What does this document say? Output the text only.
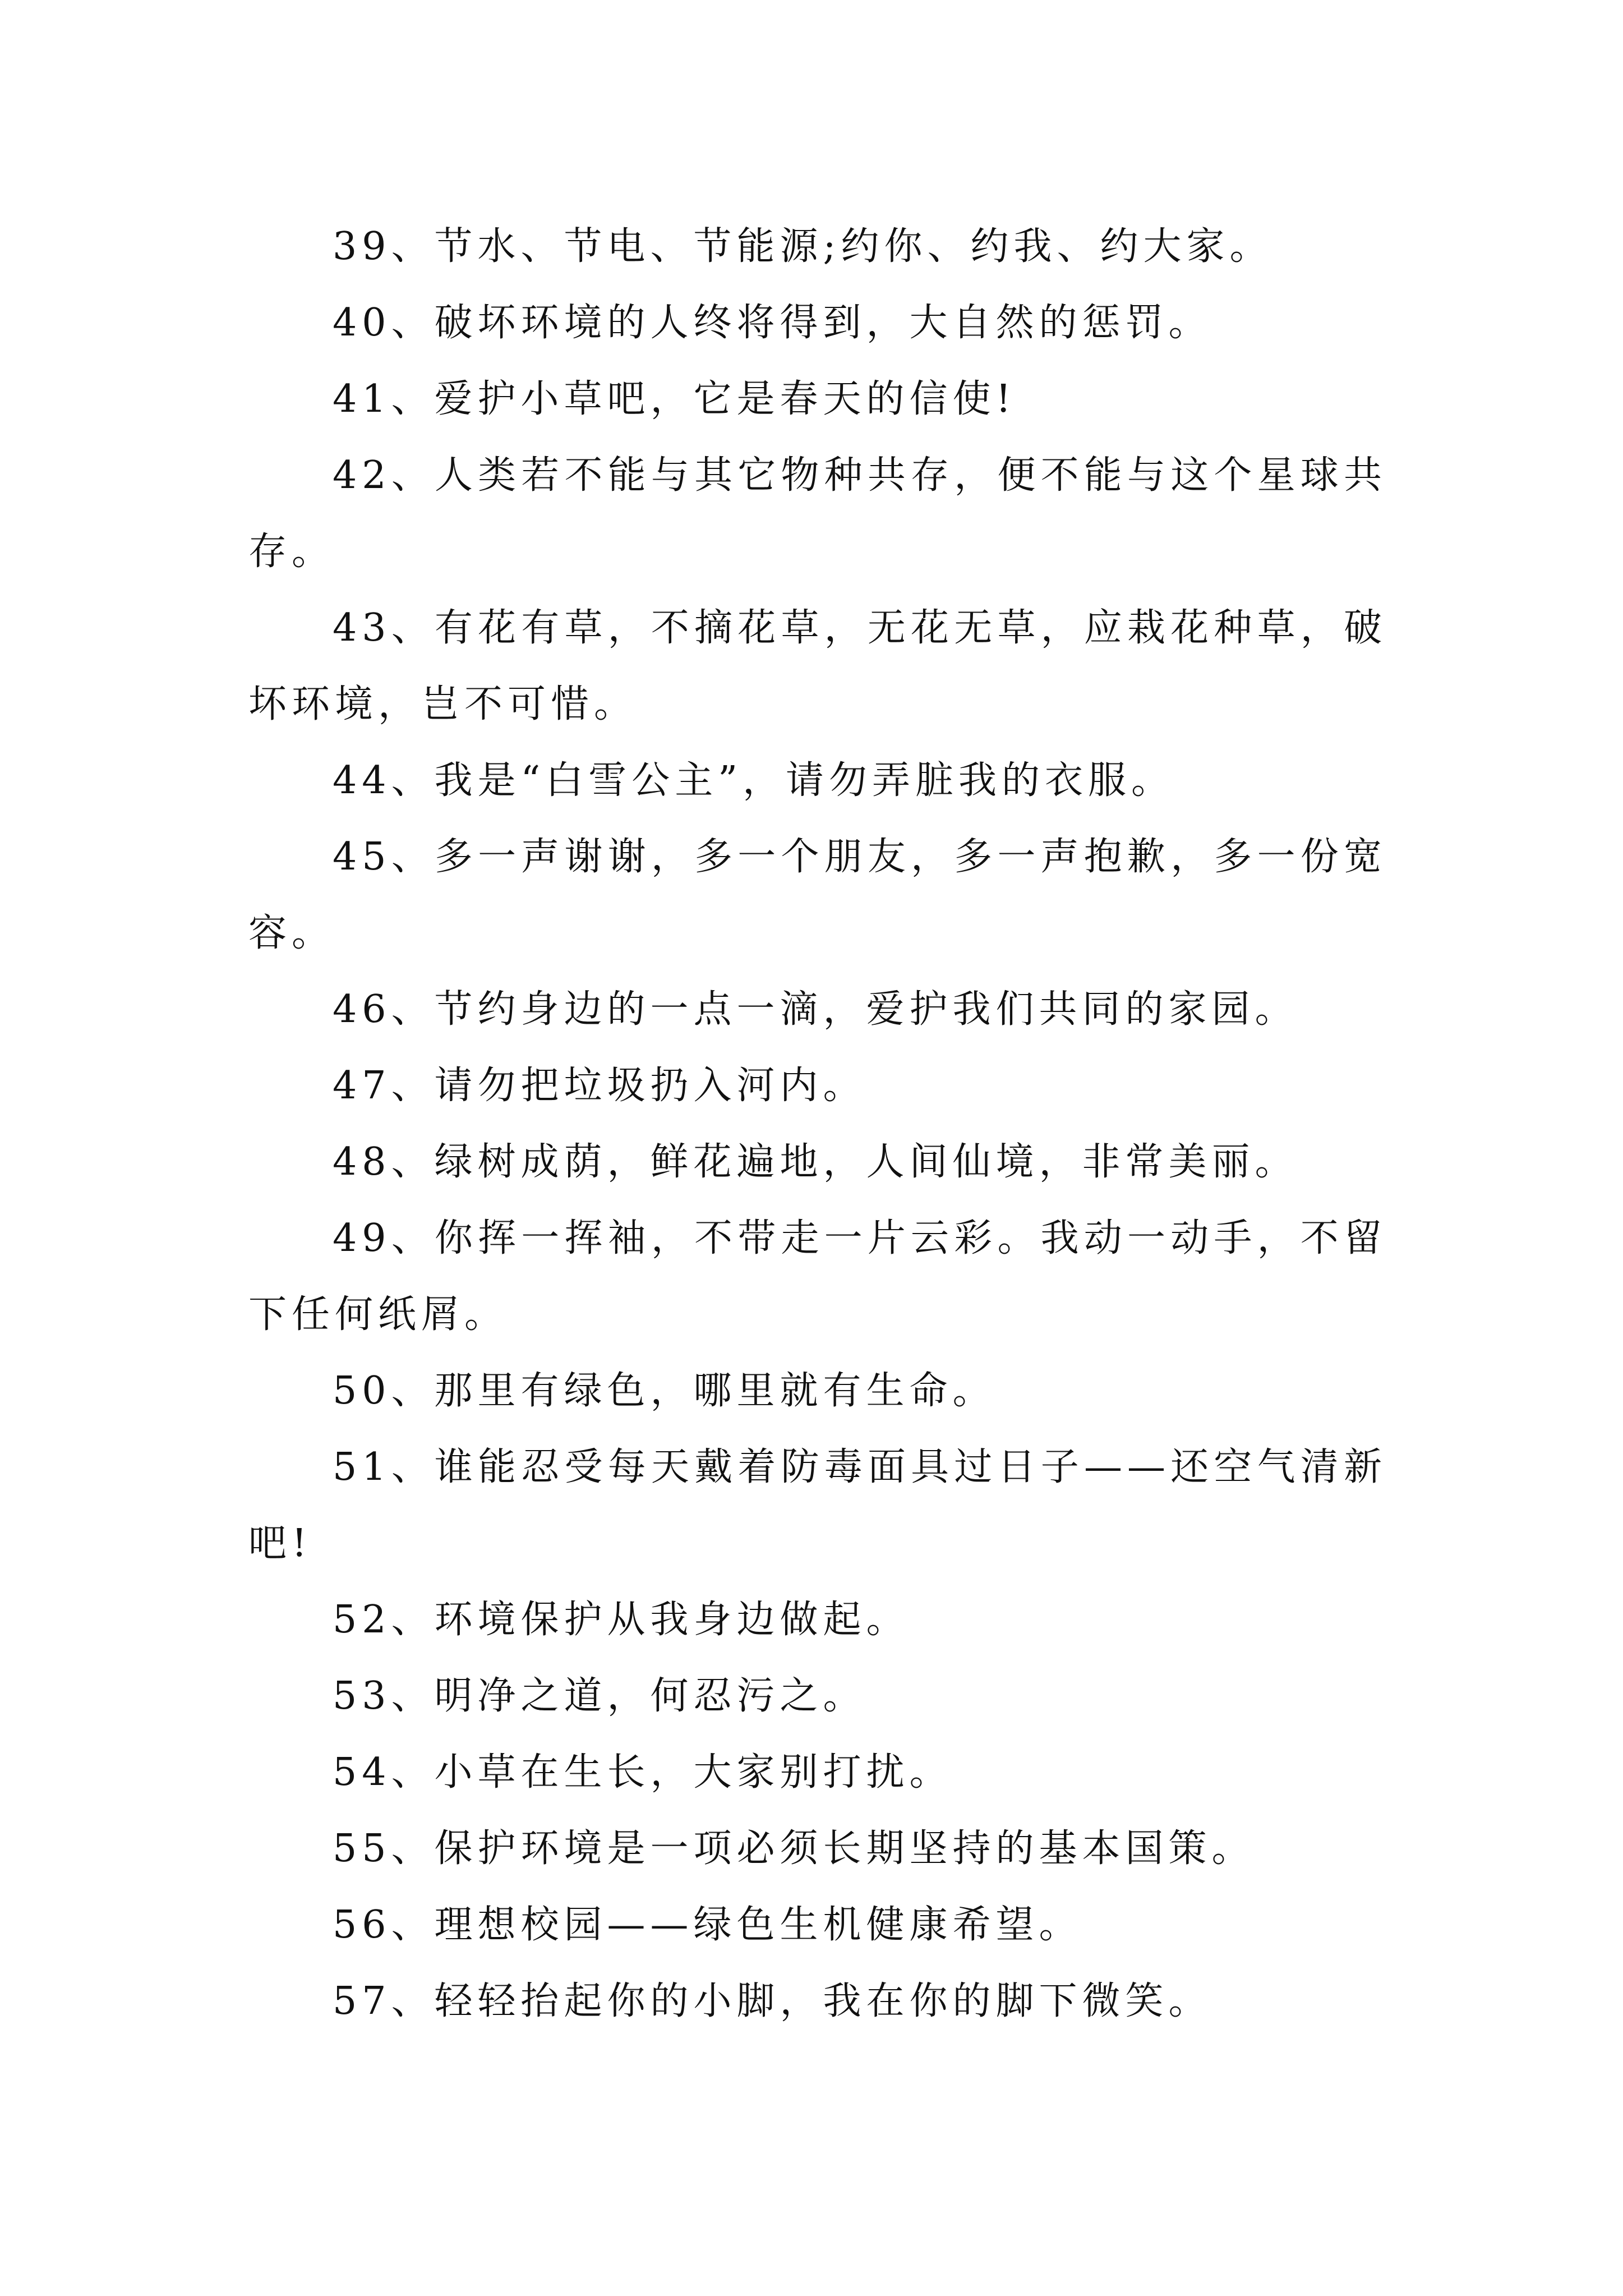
39、节水、节电、节能源;约你、约我、约大家。

40、破坏环境的人终将得到，大自然的惩罚。

41、爱护小草吧，它是春天的信使!

42、人类若不能与其它物种共存，便不能与这个星球共存。

43、有花有草，不摘花草，无花无草，应栽花种草，破坏环境，岂不可惜。

44、我是“白雪公主”，请勿弄脏我的衣服。

45、多一声谢谢，多一个朋友，多一声抱歉，多一份宽容。

46、节约身边的一点一滴，爱护我们共同的家园。

47、请勿把垃圾扔入河内。

48、绿树成荫，鲜花遍地，人间仙境，非常美丽。

49、你挥一挥袖，不带走一片云彩。我动一动手，不留下任何纸屑。

50、那里有绿色，哪里就有生命。

51、谁能忍受每天戴着防毒面具过日子——还空气清新吧!

52、环境保护从我身边做起。

53、明净之道，何忍污之。

54、小草在生长，大家别打扰。

55、保护环境是一项必须长期坚持的基本国策。

56、理想校园——绿色生机健康希望。

57、轻轻抬起你的小脚，我在你的脚下微笑。
